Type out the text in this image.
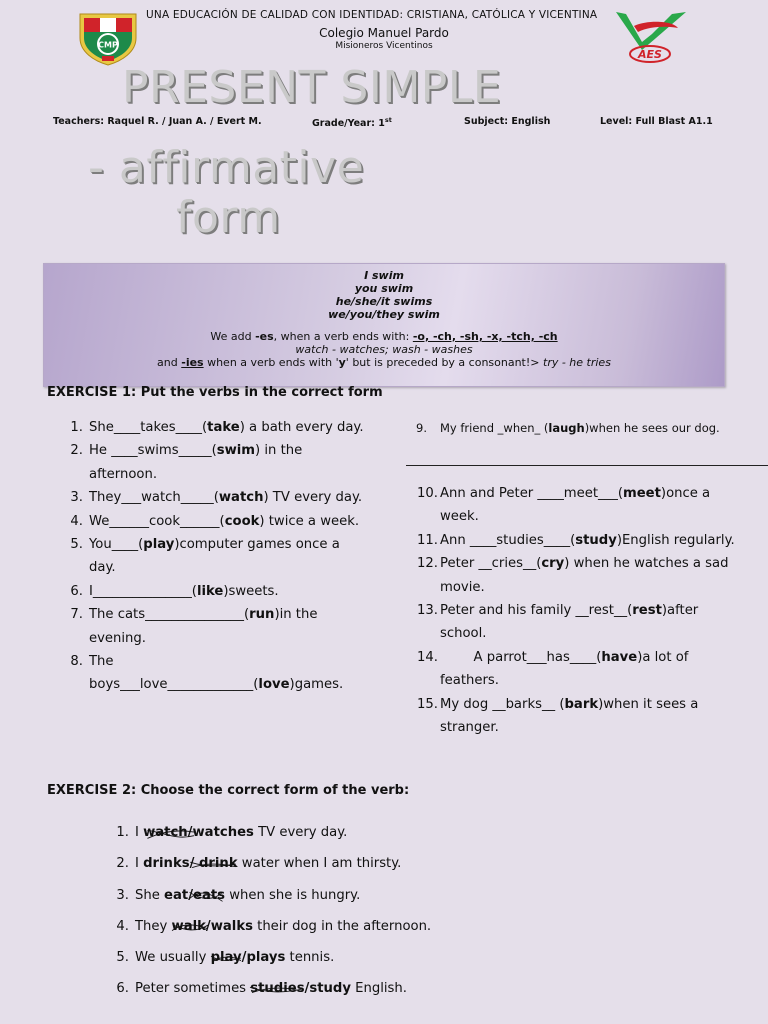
CMP
AES
UNA EDUCACIÓN DE CALIDAD CON IDENTIDAD: CRISTIANA, CATÓLICA Y VICENTINA
Colegio Manuel Pardo
Misioneros Vicentinos
PRESENT SIMPLE
Teachers: Raquel R. / Juan A. / Evert M.	Grade/Year: 1st	Subject: English	Level: Full Blast A1.1
- affirmative
form
I swim
you swim
he/she/it swims
we/you/they swim
We add -es, when a verb ends with: -o, -ch, -sh, -x, -tch, -ch
watch - watches; wash - washes
and -ies when a verb ends with 'y' but is preceded by a consonant!> try - he tries
EXERCISE 1: Put the verbs in the correct form
1. She____takes____(take) a bath every day.
2. He ____swims_____(swim) in the afternoon.
3. They___watch_____(watch) TV every day.
4. We______cook______(cook) twice a week.
5. You____(play)computer games once a day.
6. I_______________(like)sweets.
7. The cats_______________(run)in the evening.
8. The boys___love_____________(love)games.
9. My friend _when_ (laugh)when he sees our dog.
10. Ann and Peter ____meet___(meet)once a week.
11. Ann ____studies____(study)English regularly.
12. Peter __cries__(cry) when he watches a sad movie.
13. Peter and his family __rest__(rest)after school.
14. A parrot___has____(have)a lot of feathers.
15. My dog __barks__ (bark)when it sees a stranger.
EXERCISE 2: Choose the correct form of the verb:
1. I watch/watches
TV every day.
2. I drinks/ drink
water when I am thirsty.
3. She eat/eats
when she is hungry.
4. They walk/walks
their dog in the afternoon.
5. We usually play/plays
tennis.
6. Peter sometimes studies/study
English.
